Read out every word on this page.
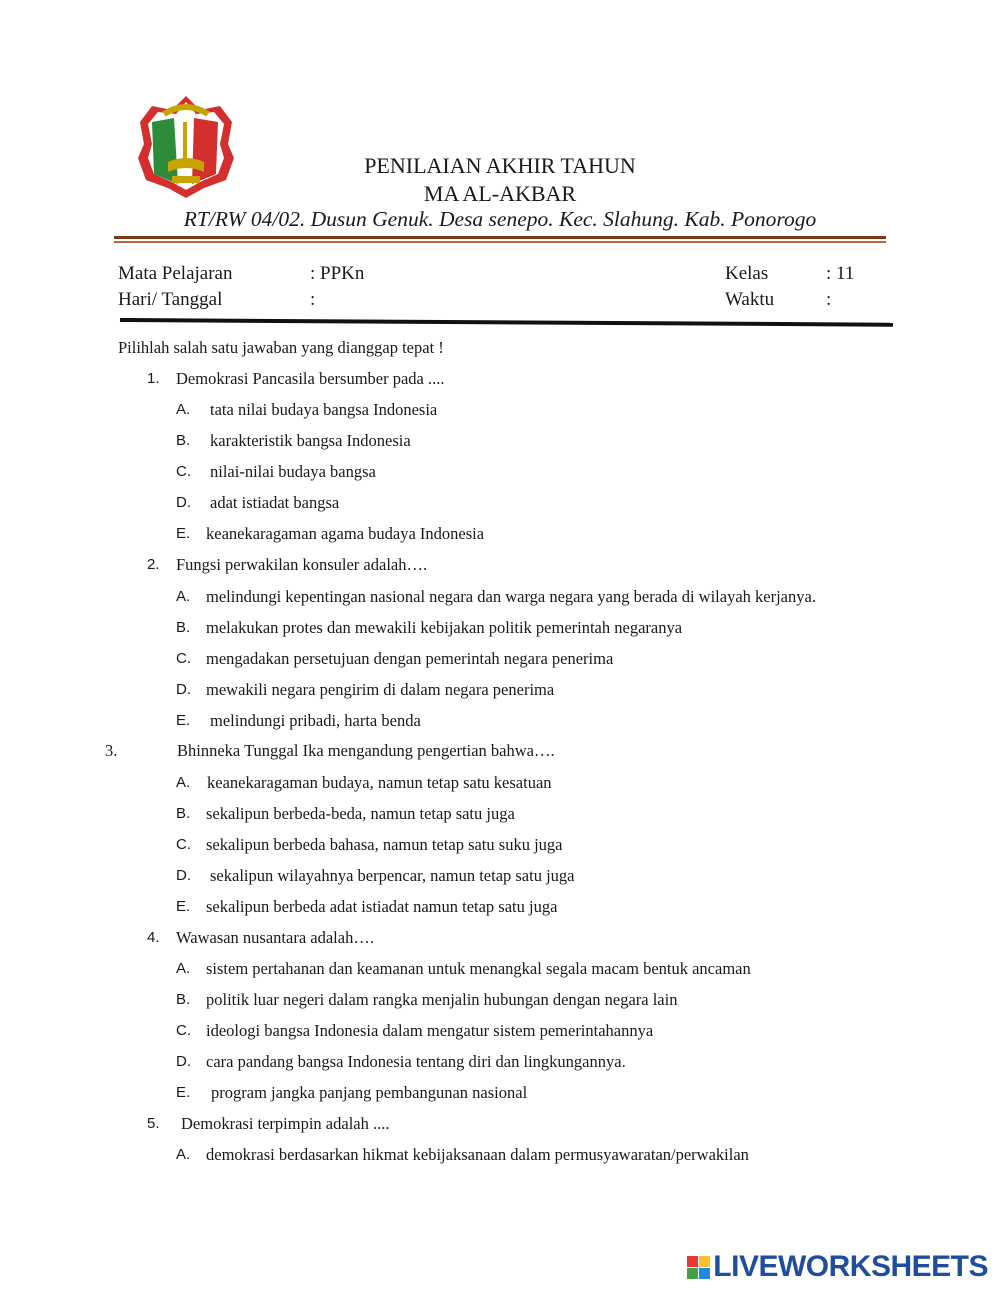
PENILAIAN AKHIR TAHUN
MA AL-AKBAR
RT/RW 04/02. Dusun Genuk. Desa senepo. Kec. Slahung. Kab. Ponorogo
Mata Pelajaran	: PPKn	Kelas	: 11
Hari/ Tanggal	:	Waktu	:
Pilihlah salah satu jawaban yang dianggap tepat !
1. Demokrasi Pancasila bersumber pada ....
A. tata nilai budaya bangsa Indonesia
B. karakteristik bangsa Indonesia
C. nilai-nilai budaya bangsa
D. adat istiadat bangsa
E. keanekaragaman agama budaya Indonesia
2. Fungsi perwakilan konsuler adalah….
A. melindungi kepentingan nasional negara dan warga negara yang berada di wilayah kerjanya.
B. melakukan protes dan mewakili kebijakan politik pemerintah negaranya
C. mengadakan persetujuan dengan pemerintah negara penerima
D. mewakili negara pengirim di dalam negara penerima
E. melindungi pribadi, harta benda
3.	Bhinneka Tunggal Ika mengandung pengertian bahwa….
A. keanekaragaman budaya, namun tetap satu kesatuan
B. sekalipun berbeda-beda, namun tetap satu juga
C. sekalipun berbeda bahasa, namun tetap satu suku juga
D. sekalipun wilayahnya berpencar, namun tetap satu juga
E. sekalipun berbeda adat istiadat namun tetap satu juga
4. Wawasan nusantara adalah….
A. sistem pertahanan dan keamanan untuk menangkal segala macam bentuk ancaman
B. politik luar negeri dalam rangka menjalin hubungan dengan negara lain
C. ideologi bangsa Indonesia dalam mengatur sistem pemerintahannya
D. cara pandang bangsa Indonesia tentang diri dan lingkungannya.
E. program jangka panjang pembangunan nasional
5. Demokrasi terpimpin adalah ....
A. demokrasi berdasarkan hikmat kebijaksanaan dalam permusyawaratan/perwakilan
LIVEWORKSHEETS
